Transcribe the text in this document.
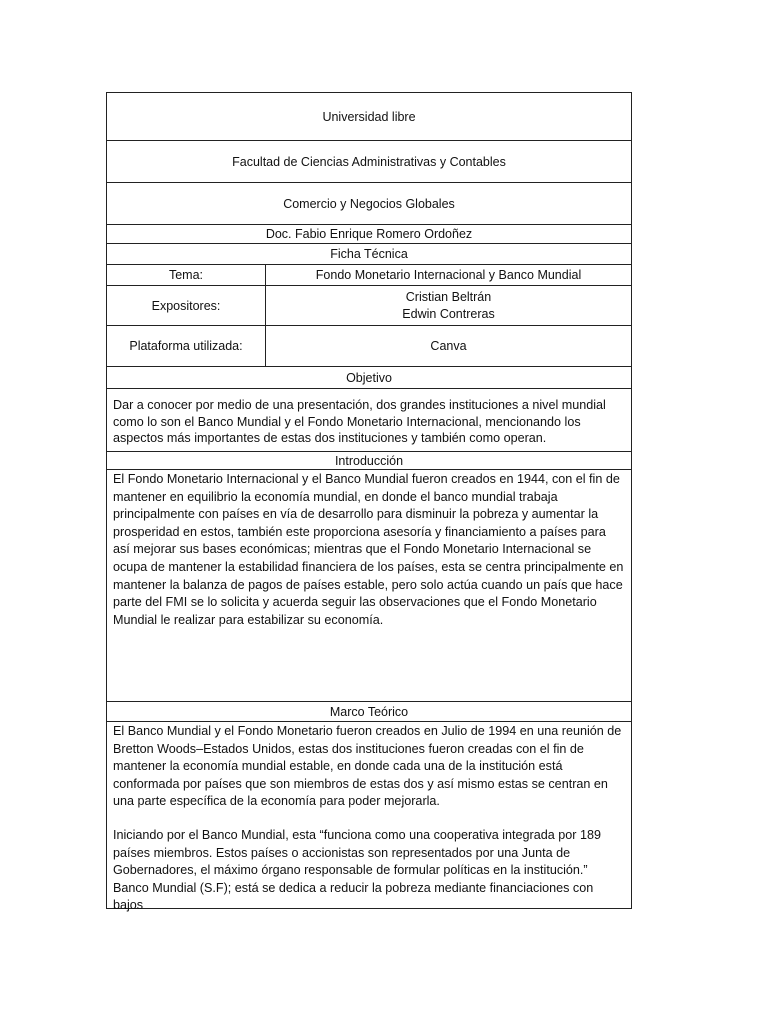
Universidad libre
Facultad de Ciencias Administrativas y Contables
Comercio y Negocios Globales
Doc. Fabio Enrique Romero Ordoñez
Ficha Técnica
Tema:	Fondo Monetario Internacional y Banco Mundial
Expositores:
Cristian Beltrán
Edwin Contreras
Plataforma utilizada:	Canva
Objetivo

Dar a conocer por medio de una presentación, dos grandes instituciones a nivel mundial como lo son el Banco Mundial y el Fondo Monetario Internacional, mencionando los aspectos más importantes de estas dos instituciones y también como operan.

Introducción

El Fondo Monetario Internacional y el Banco Mundial fueron creados en 1944, con el fin de mantener en equilibrio la economía mundial, en donde el banco mundial trabaja principalmente con países en vía de desarrollo para disminuir la pobreza y aumentar la prosperidad en estos, también este proporciona asesoría y financiamiento a países para así mejorar sus bases económicas; mientras que el Fondo Monetario Internacional se ocupa de mantener la estabilidad financiera de los países, esta se centra principalmente en mantener la balanza de pagos de países estable, pero solo actúa cuando un país que hace parte del FMI se lo solicita y acuerda seguir las observaciones que el Fondo Monetario Mundial le realizar para estabilizar su economía.

Marco Teórico

El Banco Mundial y el Fondo Monetario fueron creados en Julio de 1994 en una reunión de Bretton Woods–Estados Unidos, estas dos instituciones fueron creadas con el fin de mantener la economía mundial estable, en donde cada una de la institución está conformada por países que son miembros de estas dos y así mismo estas se centran en una parte específica de la economía para poder mejorarla.

Iniciando por el Banco Mundial, esta “funciona como una cooperativa integrada por 189 países miembros. Estos países o accionistas son representados por una Junta de Gobernadores, el máximo órgano responsable de formular políticas en la institución.” Banco Mundial (S.F); está se dedica a reducir la pobreza mediante financiaciones con bajos
